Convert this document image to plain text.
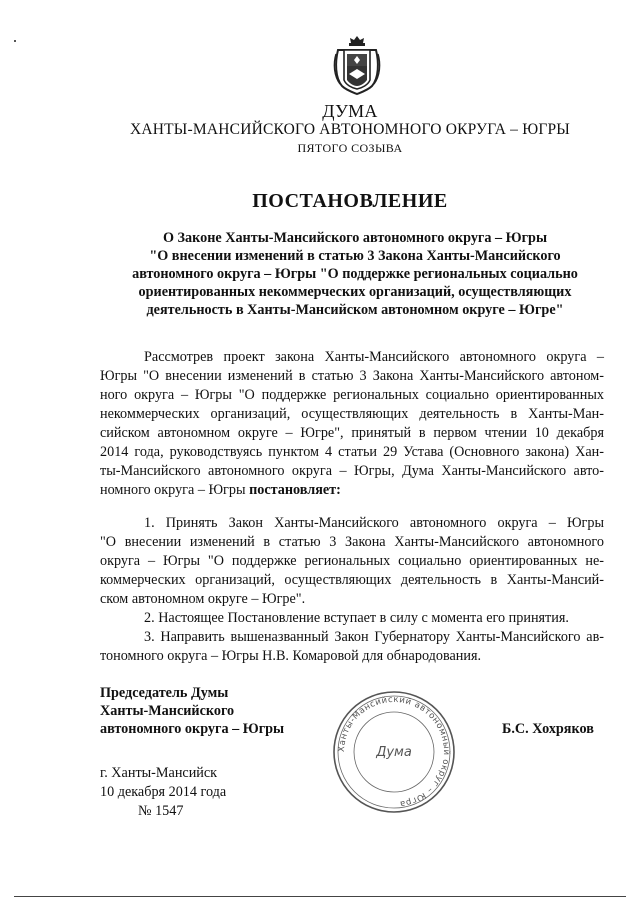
ДУМА
ХАНТЫ-МАНСИЙСКОГО АВТОНОМНОГО ОКРУГА – ЮГРЫ
ПЯТОГО СОЗЫВА
ПОСТАНОВЛЕНИЕ
О Законе Ханты-Мансийского автономного округа – Югры
"О внесении изменений в статью 3 Закона Ханты-Мансийского
автономного округа – Югры "О поддержке региональных социально
ориентированных некоммерческих организаций, осуществляющих
деятельность в Ханты-Мансийском автономном округе – Югре"
Рассмотрев проект закона Ханты-Мансийского автономного округа –
Югры "О внесении изменений в статью 3 Закона Ханты-Мансийского автоном-
ного округа – Югры "О поддержке региональных социально ориентированных
некоммерческих организаций, осуществляющих деятельность в Ханты-Ман-
сийском автономном округе – Югре", принятый в первом чтении 10 декабря
2014 года, руководствуясь пунктом 4 статьи 29 Устава (Основного закона) Хан-
ты-Мансийского автономного округа – Югры, Дума Ханты-Мансийского авто-
номного округа – Югры постановляет:
1. Принять Закон Ханты-Мансийского автономного округа – Югры
"О внесении изменений в статью 3 Закона Ханты-Мансийского автономного
округа – Югры "О поддержке региональных социально ориентированных не-
коммерческих организаций, осуществляющих деятельность в Ханты-Мансий-
ском автономном округе – Югре".
2. Настоящее Постановление вступает в силу с момента его принятия.
3. Направить вышеназванный Закон Губернатору Ханты-Мансийского ав-
тономного округа – Югры Н.В. Комаровой для обнародования.
Председатель Думы
Ханты-Мансийского
автономного округа – Югры	Б.С. Хохряков
Ханты-Мансийский автономный округ – Югра
Дума
г. Ханты-Мансийск
10 декабря 2014 года
№ 1547
